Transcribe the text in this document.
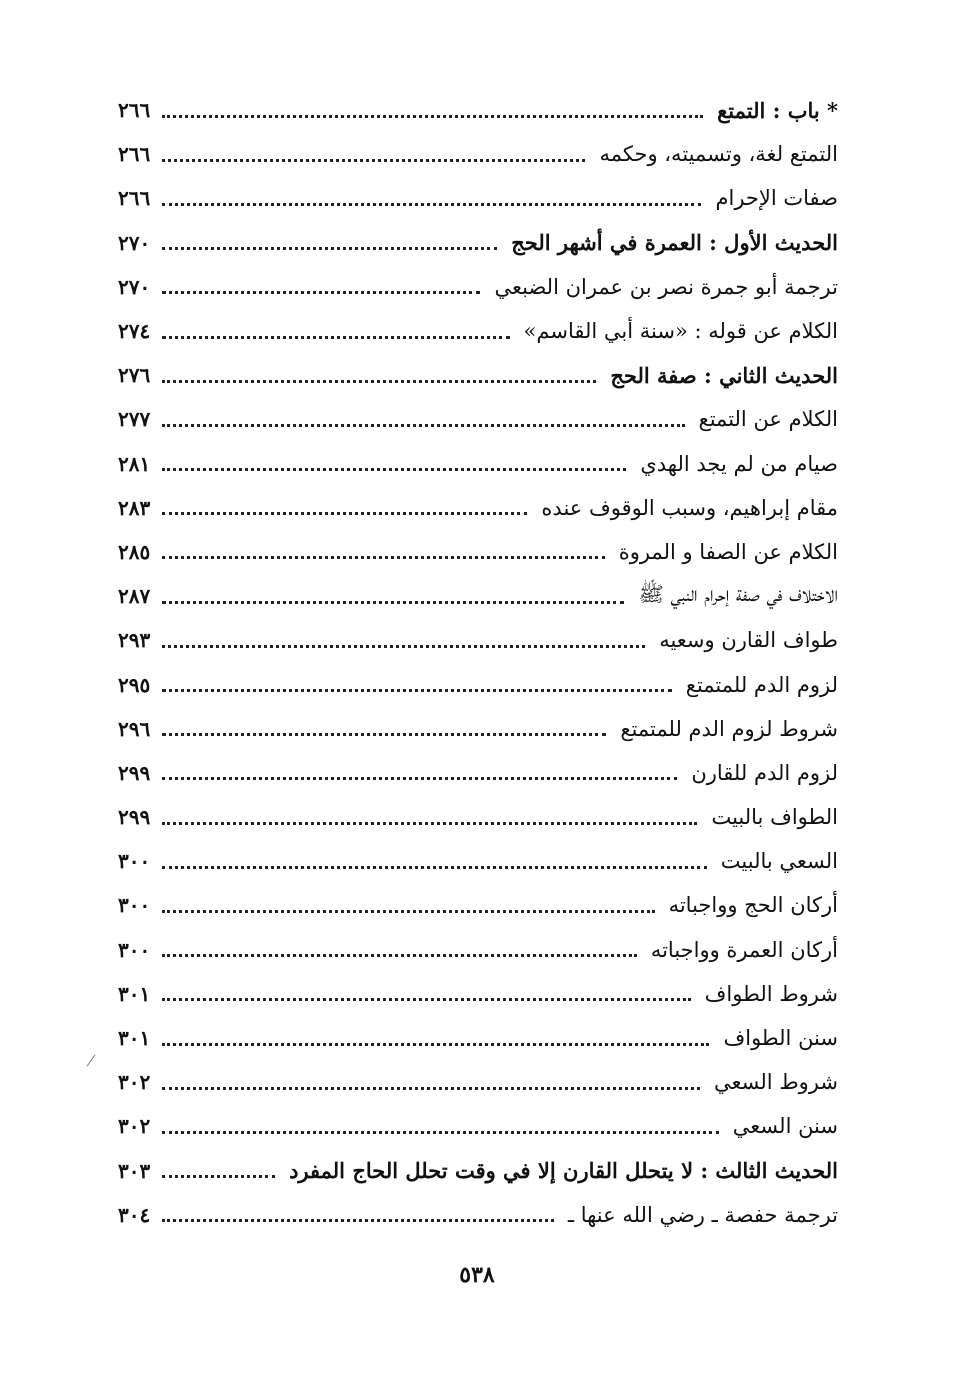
٢٦٦	* باب : التمتع
٢٦٦	التمتع لغة، وتسميته، وحكمه
٢٦٦	صفات الإحرام
٢٧٠	الحديث الأول : العمرة في أشهر الحج
٢٧٠	ترجمة أبو جمرة نصر بن عمران الضبعي
٢٧٤	الكلام عن قوله : «سنة أبي القاسم»
٢٧٦	الحديث الثاني : صفة الحج
٢٧٧	الكلام عن التمتع
٢٨١	صيام من لم يجد الهدي
٢٨٣	مقام إبراهيم، وسبب الوقوف عنده
٢٨٥	الكلام عن الصفا و المروة
٢٨٧	الاختلاف في صفة إحرام النبي ﷺ
٢٩٣	طواف القارن وسعيه
٢٩٥	لزوم الدم للمتمتع
٢٩٦	شروط لزوم الدم للمتمتع
٢٩٩	لزوم الدم للقارن
٢٩٩	الطواف بالبيت
٣٠٠	السعي بالبيت
٣٠٠	أركان الحج وواجباته
٣٠٠	أركان العمرة وواجباته
٣٠١	شروط الطواف
٣٠١	سنن الطواف
٣٠٢	شروط السعي
٣٠٢	سنن السعي
٣٠٣	الحديث الثالث : لا يتحلل القارن إلا في وقت تحلل الحاج المفرد
٣٠٤	ترجمة حفصة ـ رضي الله عنها ـ
٥٣٨
